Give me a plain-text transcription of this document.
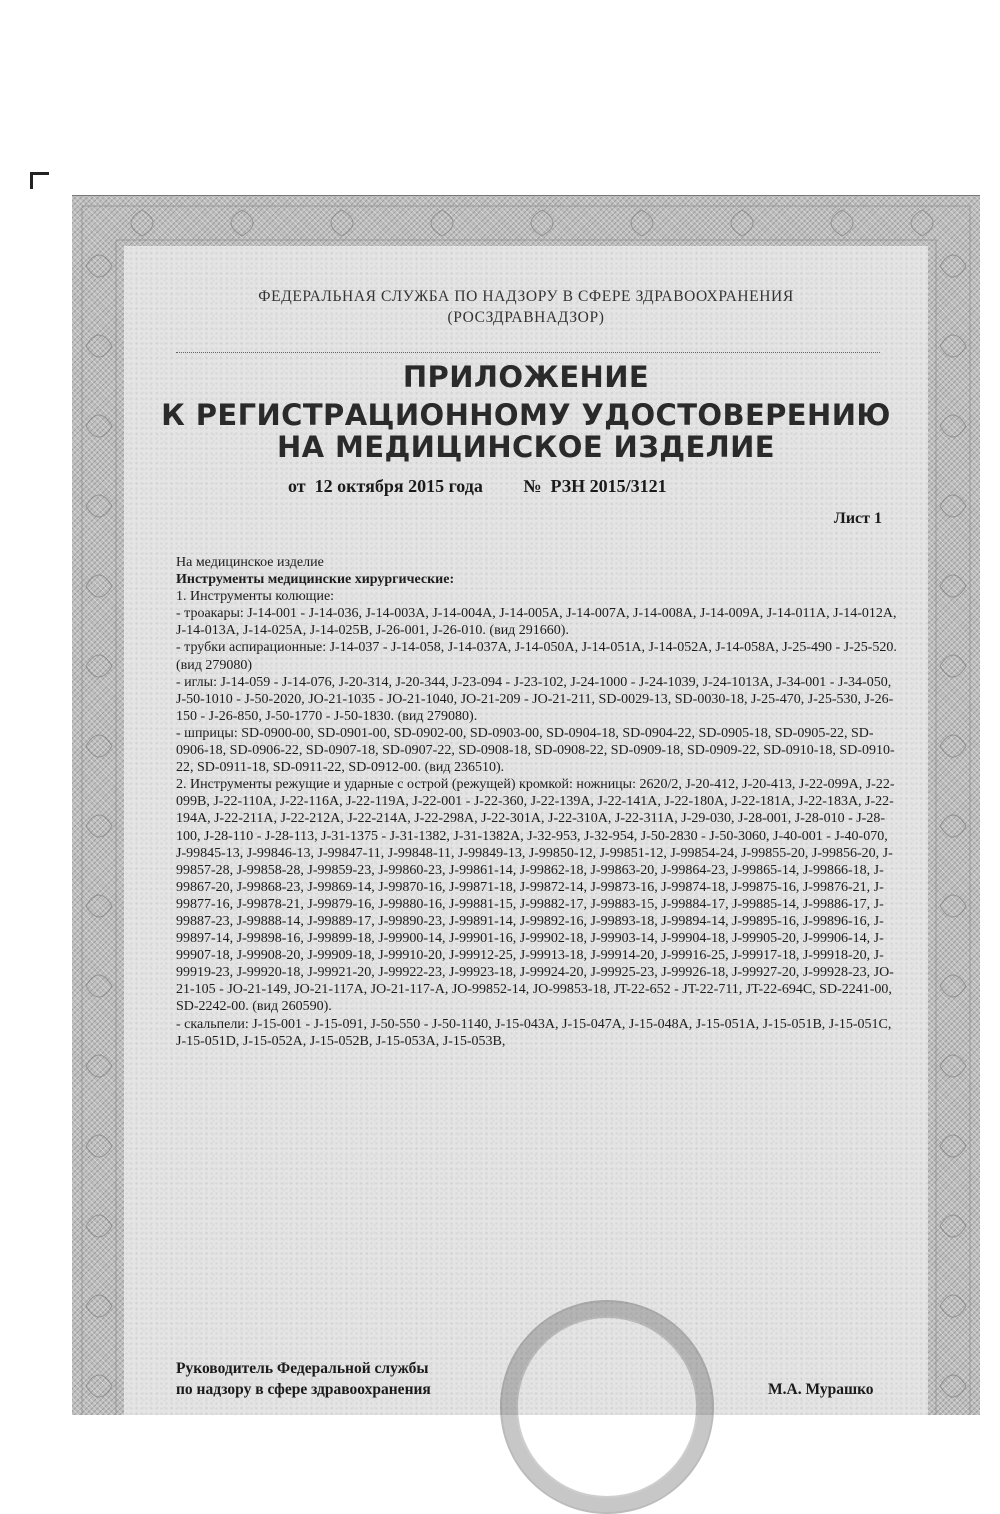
ФЕДЕРАЛЬНАЯ СЛУЖБА ПО НАДЗОРУ В СФЕРЕ ЗДРАВООХРАНЕНИЯ
(РОСЗДРАВНАДЗОР)
ПРИЛОЖЕНИЕ
К РЕГИСТРАЦИОННОМУ УДОСТОВЕРЕНИЮ
НА МЕДИЦИНСКОЕ ИЗДЕЛИЕ
от  12 октября 2015 года         №  РЗН 2015/3121
Лист 1

На медицинское изделие

Инструменты медицинские хирургические:

1. Инструменты колющие:

- троакары: J-14-001 - J-14-036, J-14-003A, J-14-004A, J-14-005A, J-14-007A, J-14-008A, J-14-009A, J-14-011A, J-14-012A, J-14-013A, J-14-025A, J-14-025B, J-26-001, J-26-010. (вид 291660).

- трубки аспирационные: J-14-037 - J-14-058, J-14-037A, J-14-050A, J-14-051A, J-14-052A, J-14-058A, J-25-490 - J-25-520. (вид 279080)

- иглы: J-14-059 - J-14-076, J-20-314, J-20-344, J-23-094 - J-23-102, J-24-1000 - J-24-1039, J-24-1013A, J-34-001 - J-34-050, J-50-1010 - J-50-2020, JO-21-1035 - JO-21-1040, JO-21-209 - JO-21-211, SD-0029-13, SD-0030-18, J-25-470, J-25-530, J-26-150 - J-26-850, J-50-1770 - J-50-1830. (вид 279080).

- шприцы: SD-0900-00, SD-0901-00, SD-0902-00, SD-0903-00, SD-0904-18, SD-0904-22, SD-0905-18, SD-0905-22, SD-0906-18, SD-0906-22, SD-0907-18, SD-0907-22, SD-0908-18, SD-0908-22, SD-0909-18, SD-0909-22, SD-0910-18, SD-0910-22, SD-0911-18, SD-0911-22, SD-0912-00. (вид 236510).

2. Инструменты режущие и ударные с острой (режущей) кромкой: ножницы: 2620/2, J-20-412, J-20-413, J-22-099A, J-22-099B, J-22-110A, J-22-116A, J-22-119A, J-22-001 - J-22-360, J-22-139A, J-22-141A, J-22-180A, J-22-181A, J-22-183A, J-22-194A, J-22-211A, J-22-212A, J-22-214A, J-22-298A, J-22-301A, J-22-310A, J-22-311A, J-29-030, J-28-001, J-28-010 - J-28-100, J-28-110 - J-28-113, J-31-1375 - J-31-1382, J-31-1382A, J-32-953, J-32-954, J-50-2830 - J-50-3060, J-40-001 - J-40-070, J-99845-13, J-99846-13, J-99847-11, J-99848-11, J-99849-13, J-99850-12, J-99851-12, J-99854-24, J-99855-20, J-99856-20, J-99857-28, J-99858-28, J-99859-23, J-99860-23, J-99861-14, J-99862-18, J-99863-20, J-99864-23, J-99865-14, J-99866-18, J-99867-20, J-99868-23, J-99869-14, J-99870-16, J-99871-18, J-99872-14, J-99873-16, J-99874-18, J-99875-16, J-99876-21, J-99877-16, J-99878-21, J-99879-16, J-99880-16, J-99881-15, J-99882-17, J-99883-15, J-99884-17, J-99885-14, J-99886-17, J-99887-23, J-99888-14, J-99889-17, J-99890-23, J-99891-14, J-99892-16, J-99893-18, J-99894-14, J-99895-16, J-99896-16, J-99897-14, J-99898-16, J-99899-18, J-99900-14, J-99901-16, J-99902-18, J-99903-14, J-99904-18, J-99905-20, J-99906-14, J-99907-18, J-99908-20, J-99909-18, J-99910-20, J-99912-25, J-99913-18, J-99914-20, J-99916-25, J-99917-18, J-99918-20, J-99919-23, J-99920-18, J-99921-20, J-99922-23, J-99923-18, J-99924-20, J-99925-23, J-99926-18, J-99927-20, J-99928-23, JO-21-105 - JO-21-149, JO-21-117A, JO-21-117-A, JO-99852-14, JO-99853-18, JT-22-652 - JT-22-711, JT-22-694C, SD-2241-00, SD-2242-00. (вид 260590).

- скальпели: J-15-001 - J-15-091, J-50-550 - J-50-1140, J-15-043A, J-15-047A, J-15-048A, J-15-051A, J-15-051B, J-15-051C, J-15-051D, J-15-052A, J-15-052B, J-15-053A, J-15-053B,

Руководитель Федеральной службы
по надзору в сфере здравоохранения	М.А. Мурашко
